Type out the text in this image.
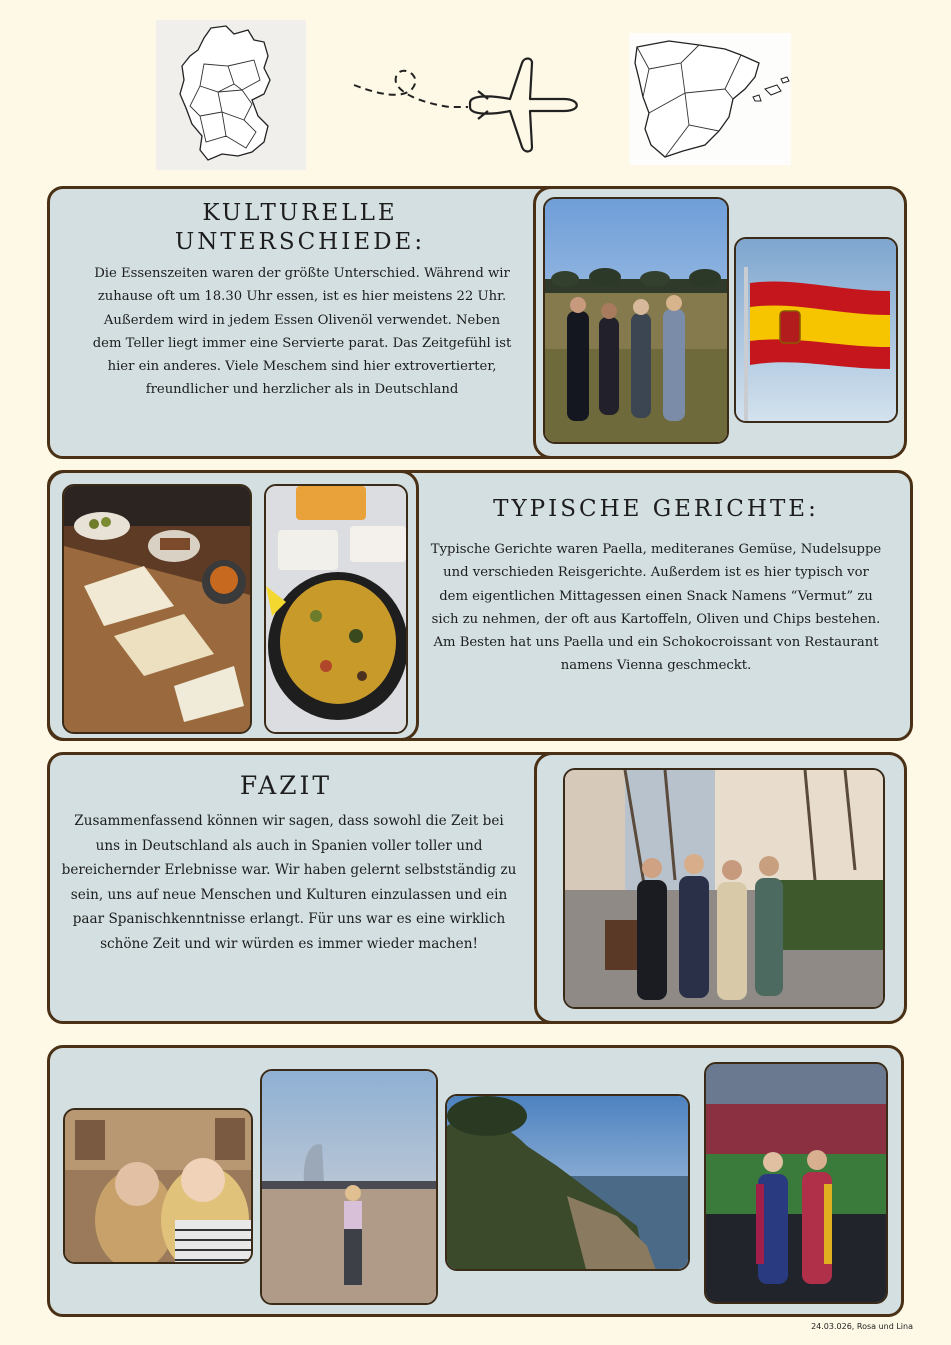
KULTURELLE UNTERSCHIEDE:

Die Essenszeiten waren der größte Unterschied. Während wir zuhause oft um 18.30 Uhr essen, ist es hier meistens 22 Uhr. Außerdem wird in jedem Essen Olivenöl verwendet. Neben dem Teller liegt immer eine Servierte parat. Das Zeitgefühl ist hier ein anderes. Viele Meschem sind hier extrovertierter, freundlicher und herzlicher als in Deutschland

TYPISCHE GERICHTE:

Typische Gerichte waren Paella, mediteranes Gemüse, Nudelsuppe und verschieden Reisgerichte. Außerdem ist es hier typisch vor dem eigentlichen Mittagessen einen Snack Namens “Vermut” zu sich zu nehmen, der oft aus Kartoffeln, Oliven und Chips bestehen. Am Besten hat uns Paella und ein Schokocroissant von Restaurant namens Vienna geschmeckt.

FAZIT

Zusammenfassend können wir sagen, dass sowohl die Zeit bei uns in Deutschland als auch in Spanien voller toller und bereichernder Erlebnisse war. Wir haben gelernt selbstständig zu sein, uns auf neue Menschen und Kulturen einzulassen und ein paar Spanischkenntnisse erlangt. Für uns war es eine wirklich schöne Zeit und wir würden es immer wieder machen!

24.03.026, Rosa und Lina
